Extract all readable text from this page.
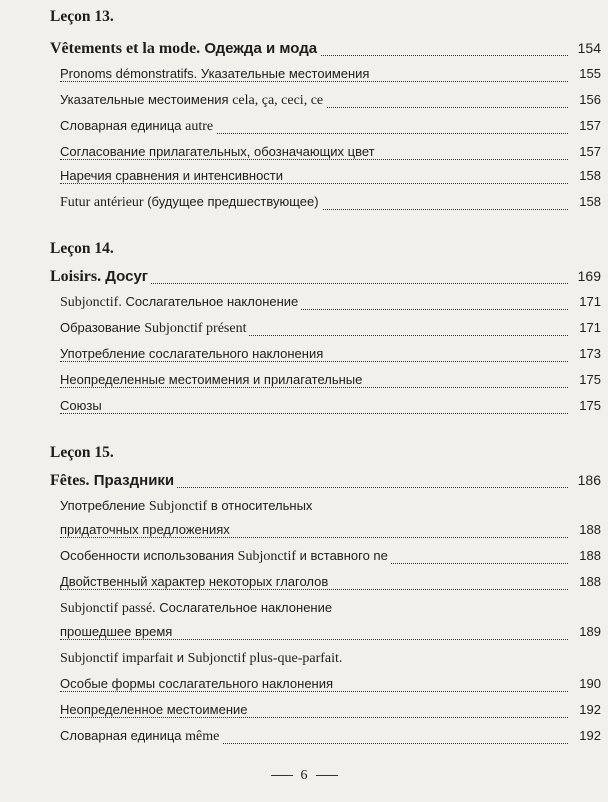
Leçon 13.
Vêtements et la mode. Одежда и мода	154
Pronoms démonstratifs. Указательные местоимения	155
Указательные местоимения cela, ça, ceci, ce	156
Словарная единица autre	157
Согласование прилагательных, обозначающих цвет	157
Наречия сравнения и интенсивности	158
Futur antérieur (будущее предшествующее)	158
Leçon 14.
Loisirs. Досуг	169
Subjonctif. Сослагательное наклонение	171
Образование Subjonctif présent	171
Употребление сослагательного наклонения	173
Неопределенные местоимения и прилагательные	175
Союзы	175
Leçon 15.
Fêtes. Праздники	186
Употребление Subjonctif в относительных
придаточных предложениях	188
Особенности использования Subjonctif и вставного ne	188
Двойственный характер некоторых глаголов	188
Subjonctif passé. Сослагательное наклонение
прошедшее время	189
Subjonctif imparfait и Subjonctif plus-que-parfait.
Особые формы сослагательного наклонения	190
Неопределенное местоимение	192
Словарная единица même	192
6
